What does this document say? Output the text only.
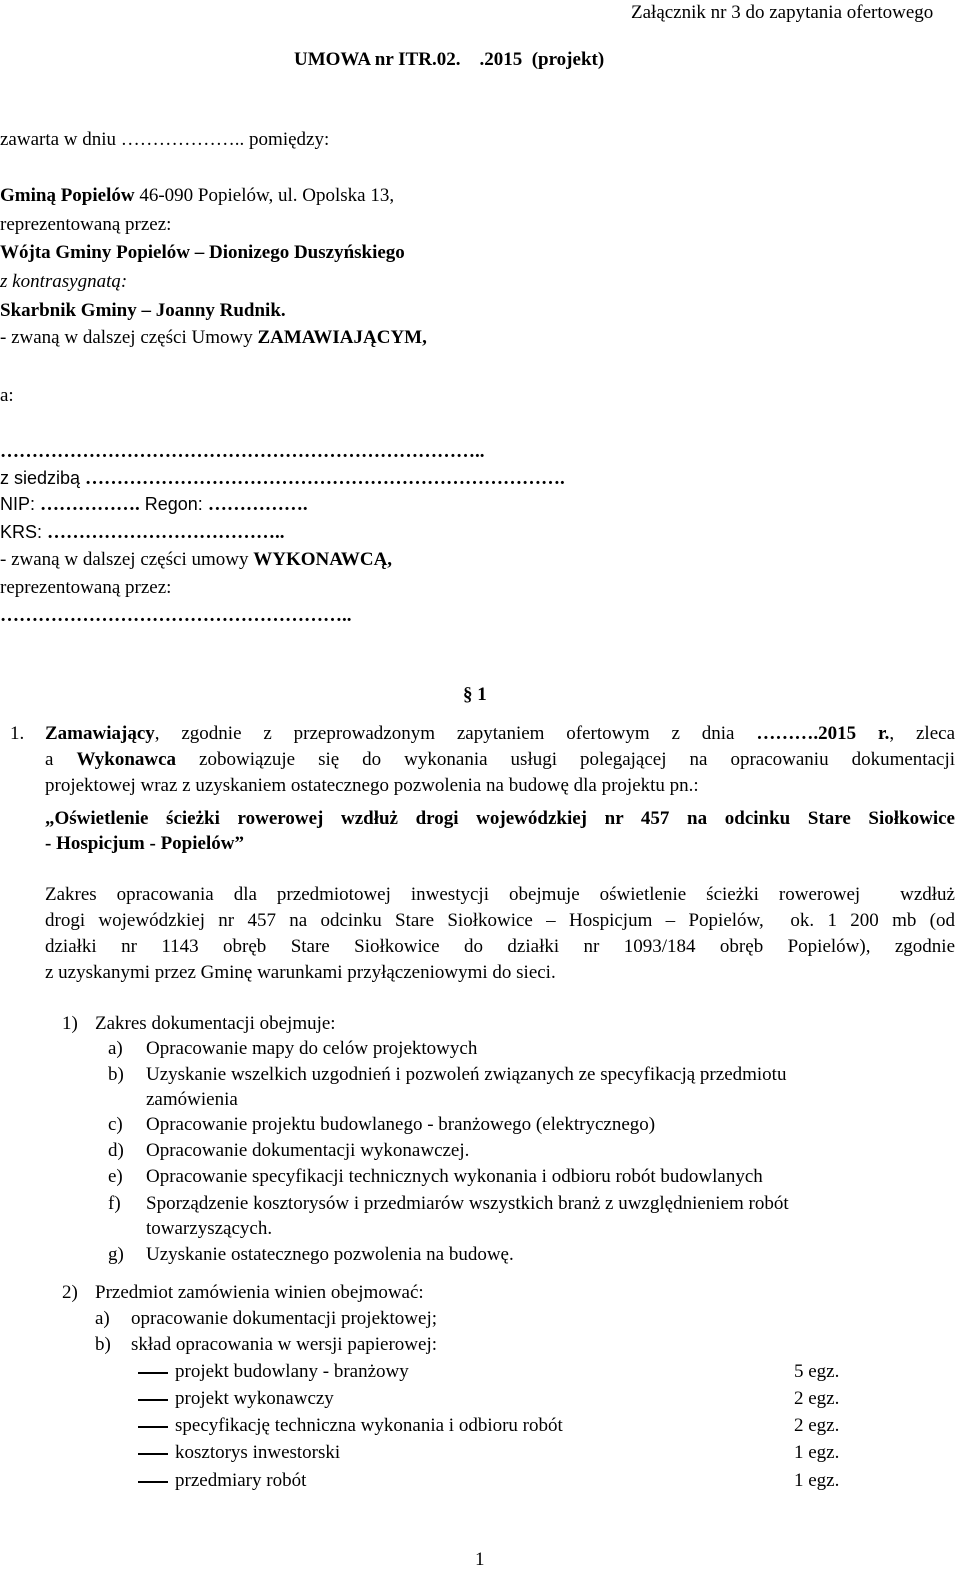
Załącznik nr 3 do zapytania ofertowego
UMOWA nr ITR.02.    .2015  (projekt)
zawarta w dniu ……………….. pomiędzy:
Gminą Popielów 46-090 Popielów, ul. Opolska 13,
reprezentowaną przez:
Wójta Gminy Popielów – Dionizego Duszyńskiego
z kontrasygnatą:
Skarbnik Gminy – Joanny Rudnik.
- zwaną w dalszej części Umowy ZAMAWIAJĄCYM,
a:
…………………………………………………………………..
z siedzibą ………………………………………………………………….
NIP: ……………. Regon: …………….
KRS: ………………………………..
- zwaną w dalszej części umowy WYKONAWCĄ,
reprezentowaną przez:
………………………………………………..
§ 1
1. Zamawiający, zgodnie z przeprowadzonym zapytaniem ofertowym z dnia ……….2015 r., zleca
a Wykonawca zobowiązuje się do wykonania usługi polegającej na opracowaniu dokumentacji
projektowej wraz z uzyskaniem ostatecznego pozwolenia na budowę dla projektu pn.:
„Oświetlenie ścieżki rowerowej wzdłuż drogi wojewódzkiej nr 457 na odcinku Stare Siołkowice
- Hospicjum - Popielów”
Zakres opracowania dla przedmiotowej inwestycji obejmuje oświetlenie ścieżki rowerowej  wzdłuż
drogi wojewódzkiej nr 457 na odcinku Stare Siołkowice – Hospicjum – Popielów,  ok. 1 200 mb (od
działki  nr  1143  obręb  Stare  Siołkowice  do  działki  nr  1093/184  obręb  Popielów),  zgodnie
z uzyskanymi przez Gminę warunkami przyłączeniowymi do sieci.
1) Zakres dokumentacji obejmuje:
a) Opracowanie mapy do celów projektowych
b) Uzyskanie wszelkich uzgodnień i pozwoleń związanych ze specyfikacją przedmiotu
zamówienia
c) Opracowanie projektu budowlanego - branżowego (elektrycznego)
d) Opracowanie dokumentacji wykonawczej.
e) Opracowanie specyfikacji technicznych wykonania i odbioru robót budowlanych
f) Sporządzenie kosztorysów i przedmiarów wszystkich branż z uwzględnieniem robót
towarzyszących.
g) Uzyskanie ostatecznego pozwolenia na budowę.
2) Przedmiot zamówienia winien obejmować:
a) opracowanie dokumentacji projektowej;
b) skład opracowania w wersji papierowej:
projekt budowlany - branżowy	5 egz.
projekt wykonawczy	2 egz.
specyfikację techniczna wykonania i odbioru robót	2 egz.
kosztorys inwestorski	1 egz.
przedmiary robót	1 egz.
1
